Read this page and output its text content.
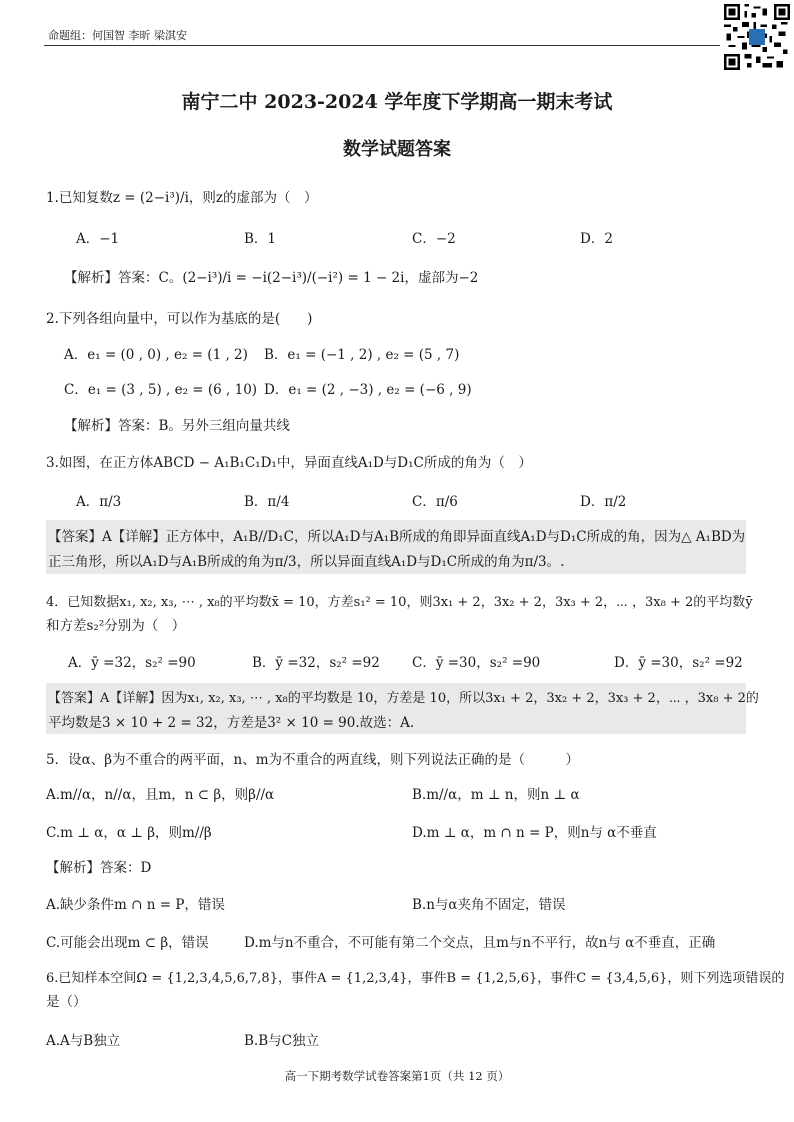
命题组：何国智 李昕 梁淇安
南宁二中 2023-2024 学年度下学期高一期末考试
数学试题答案
1.已知复数z = (2−i³)/i，则z的虚部为（　）
A．−1	B．1	C．−2	D．2
【解析】答案：C。(2−i³)/i = −i(2−i³)/(−i²) = 1 − 2i，虚部为−2
2.下列各组向量中，可以作为基底的是(　　)
A．e₁ = (0 , 0) , e₂ = (1 , 2) B．e₁ = (−1 , 2) , e₂ = (5 , 7)
C．e₁ = (3 , 5) , e₂ = (6 , 10) D．e₁ = (2 , −3) , e₂ = (−6 , 9)
【解析】答案：B。另外三组向量共线
3.如图，在正方体ABCD − A₁B₁C₁D₁中，异面直线A₁D与D₁C所成的角为（　）
A．π/3	B．π/4	C．π/6	D．π/2
【答案】A【详解】正方体中，A₁B//D₁C，所以A₁D与A₁B所成的角即异面直线A₁D与D₁C所成的角，因为△ A₁BD为
正三角形，所以A₁D与A₁B所成的角为π/3，所以异面直线A₁D与D₁C所成的角为π/3。.
4．已知数据x₁, x₂, x₃, ⋯ , x₈的平均数x̄ = 10，方差s₁² = 10，则3x₁ + 2，3x₂ + 2，3x₃ + 2，⋯ ，3x₈ + 2的平均数ȳ
和方差s₂²分别为（　）
A．ȳ =32，s₂² =90	B．ȳ =32，s₂² =92 C．ȳ =30，s₂² =90	D．ȳ =30，s₂² =92
【答案】A【详解】因为x₁, x₂, x₃, ⋯ , x₈的平均数是 10，方差是 10，所以3x₁ + 2，3x₂ + 2，3x₃ + 2，⋯ ，3x₈ + 2的
平均数是3 × 10 + 2 = 32，方差是3² × 10 = 90.故选：A.
5．设α、β为不重合的两平面，n、m为不重合的两直线，则下列说法正确的是（　　　）
A.m//α，n//α，且m，n ⊂ β，则β//α	B.m//α，m ⊥ n，则n ⊥ α
C.m ⊥ α，α ⊥ β，则m//β	D.m ⊥ α，m ∩ n = P，则n与 α不垂直
【解析】答案：D
A.缺少条件m ∩ n = P，错误	B.n与α夹角不固定，错误
C.可能会出现m ⊂ β，错误	D.m与n不重合，不可能有第二个交点，且m与n不平行，故n与 α不垂直，正确
6.已知样本空间Ω = {1,2,3,4,5,6,7,8}，事件A = {1,2,3,4}，事件B = {1,2,5,6}，事件C = {3,4,5,6}，则下列选项错误的
是（）
A.A与B独立	B.B与C独立
高一下期考数学试卷答案第1页（共 12 页）
